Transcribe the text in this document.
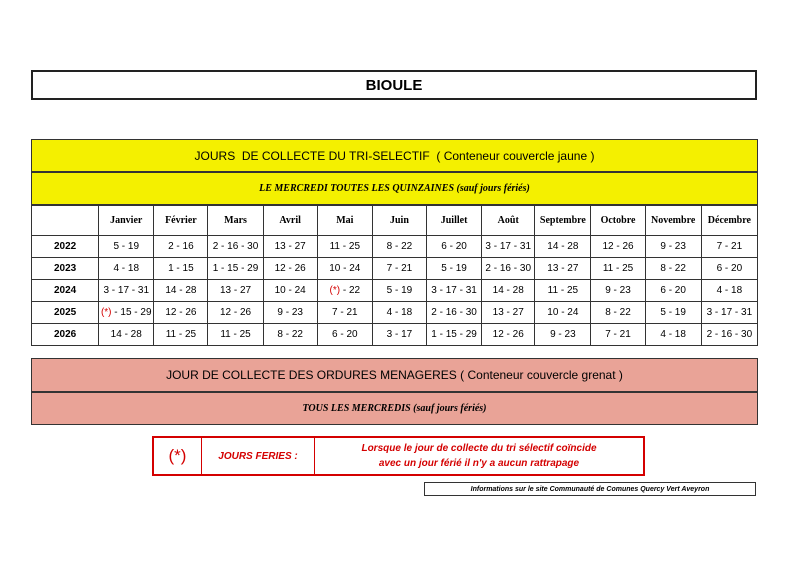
BIOULE
JOURS  DE COLLECTE DU TRI-SELECTIF  ( Conteneur couvercle jaune )
LE MERCREDI TOUTES LES QUINZAINES (sauf jours fériés)
	Janvier	Février	Mars	Avril	Mai	Juin	Juillet	Août	Septembre	Octobre	Novembre	Décembre
2022	5 - 19	2 - 16	2 - 16 - 30	13 - 27	11 - 25	8 - 22	6 - 20	3 - 17 - 31	14 - 28	12 - 26	9 - 23	7 - 21
2023	4 - 18	1 - 15	1 - 15 - 29	12 - 26	10 - 24	7 - 21	5 - 19	2 - 16 - 30	13 - 27	11 - 25	8 - 22	6 - 20
2024	3 - 17 - 31	14 - 28	13 - 27	10 - 24	(*) - 22	5 - 19	3 - 17 - 31	14 - 28	11 - 25	9 - 23	6 - 20	4 - 18
2025	(*) - 15 - 29	12 - 26	12 - 26	9 - 23	7 - 21	4 - 18	2 - 16 - 30	13 - 27	10 - 24	8 - 22	5 - 19	3 - 17 - 31
2026	14 - 28	11 - 25	11 - 25	8 - 22	6 - 20	3 - 17	1 - 15 - 29	12 - 26	9 - 23	7 - 21	4 - 18	2 - 16 - 30
JOUR DE COLLECTE DES ORDURES MENAGERES ( Conteneur couvercle grenat )
TOUS LES MERCREDIS (sauf jours fériés)
(*)	JOURS FERIES :
Lorsque le jour de collecte du tri sélectif coïncide
avec un jour férié il n'y a aucun rattrapage
Informations sur le site Communauté de Comunes Quercy Vert Aveyron
